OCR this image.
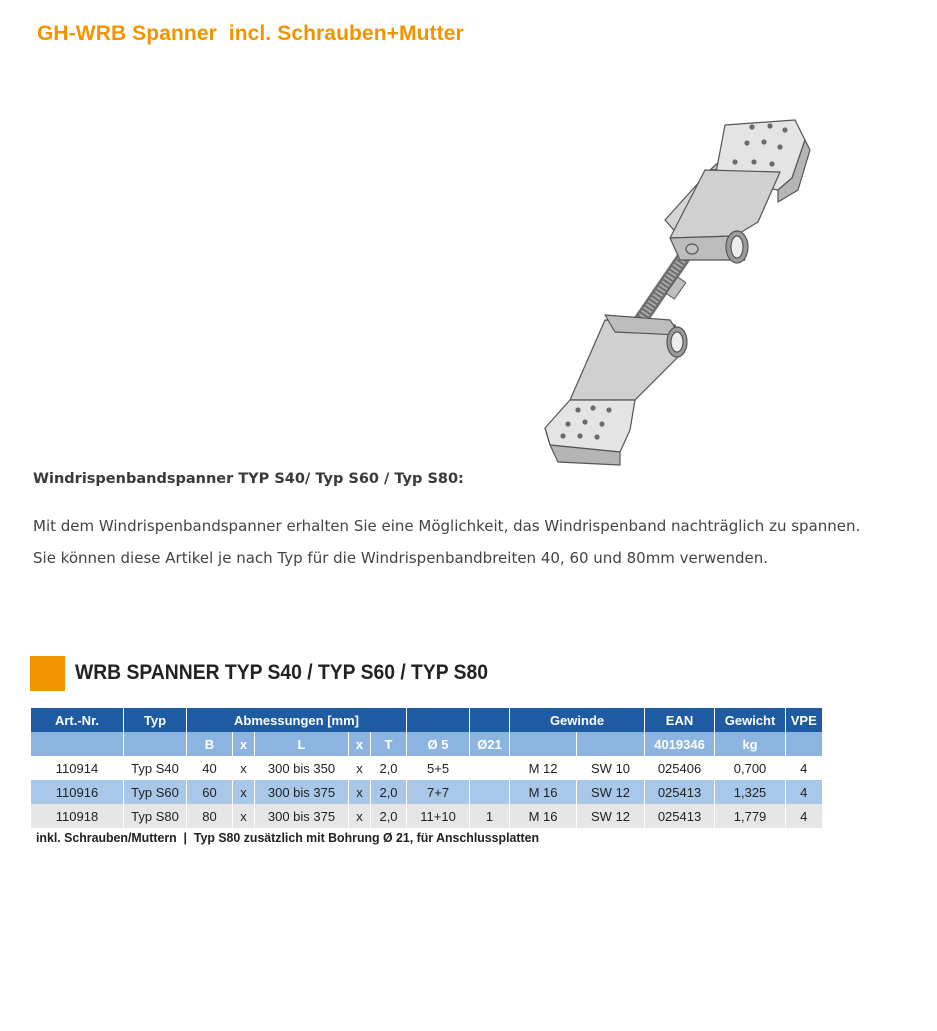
GH-WRB Spanner  incl. Schrauben+Mutter
Windrispenbandspanner TYP S40/ Typ S60 / Typ S80:
Mit dem Windrispenbandspanner erhalten Sie eine Möglichkeit, das Windrispenband nachträglich zu spannen.
Sie können diese Artikel je nach Typ für die Windrispenbandbreiten 40, 60 und 80mm verwenden.
WRB SPANNER TYP S40 / TYP S60 / TYP S80
Art.-Nr.	Typ	Abmessungen [mm]							Gewinde		EAN	Gewicht	VPE
		B	x	L	x	T	Ø 5	Ø21			4019346	kg	
110914	Typ S40	40	x	300 bis 350	x	2,0	5+5		M 12	SW 10	025406	0,700	4
110916	Typ S60	60	x	300 bis 375	x	2,0	7+7		M 16	SW 12	025413	1,325	4
110918	Typ S80	80	x	300 bis 375	x	2,0	11+10	1	M 16	SW 12	025413	1,779	4
inkl. Schrauben/Muttern  |  Typ S80 zusätzlich mit Bohrung Ø 21, für Anschlussplatten
